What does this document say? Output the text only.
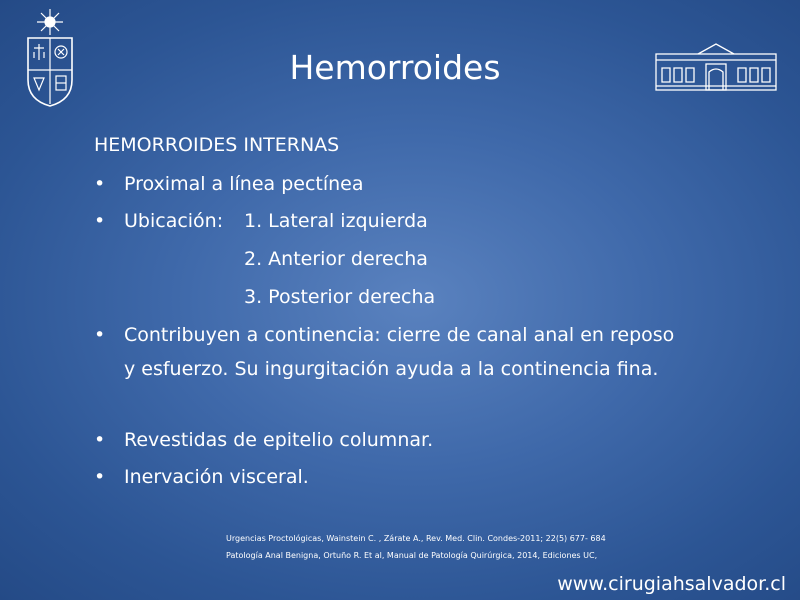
Hemorroides
HEMORROIDES INTERNAS
• Proximal a línea pectínea
• Ubicación: 1. Lateral izquierda
2. Anterior derecha
3. Posterior derecha
• Contribuyen a continencia: cierre de canal anal en reposo y esfuerzo. Su ingurgitación ayuda a la continencia fina.
• Revestidas de epitelio columnar.
• Inervación visceral.
Urgencias Proctológicas, Wainstein C. , Zárate A., Rev. Med. Clin. Condes-2011; 22(5) 677- 684
Patología Anal Benigna, Ortuño R. Et al, Manual de Patología Quirúrgica, 2014, Ediciones UC,
www.cirugiahsalvador.cl
